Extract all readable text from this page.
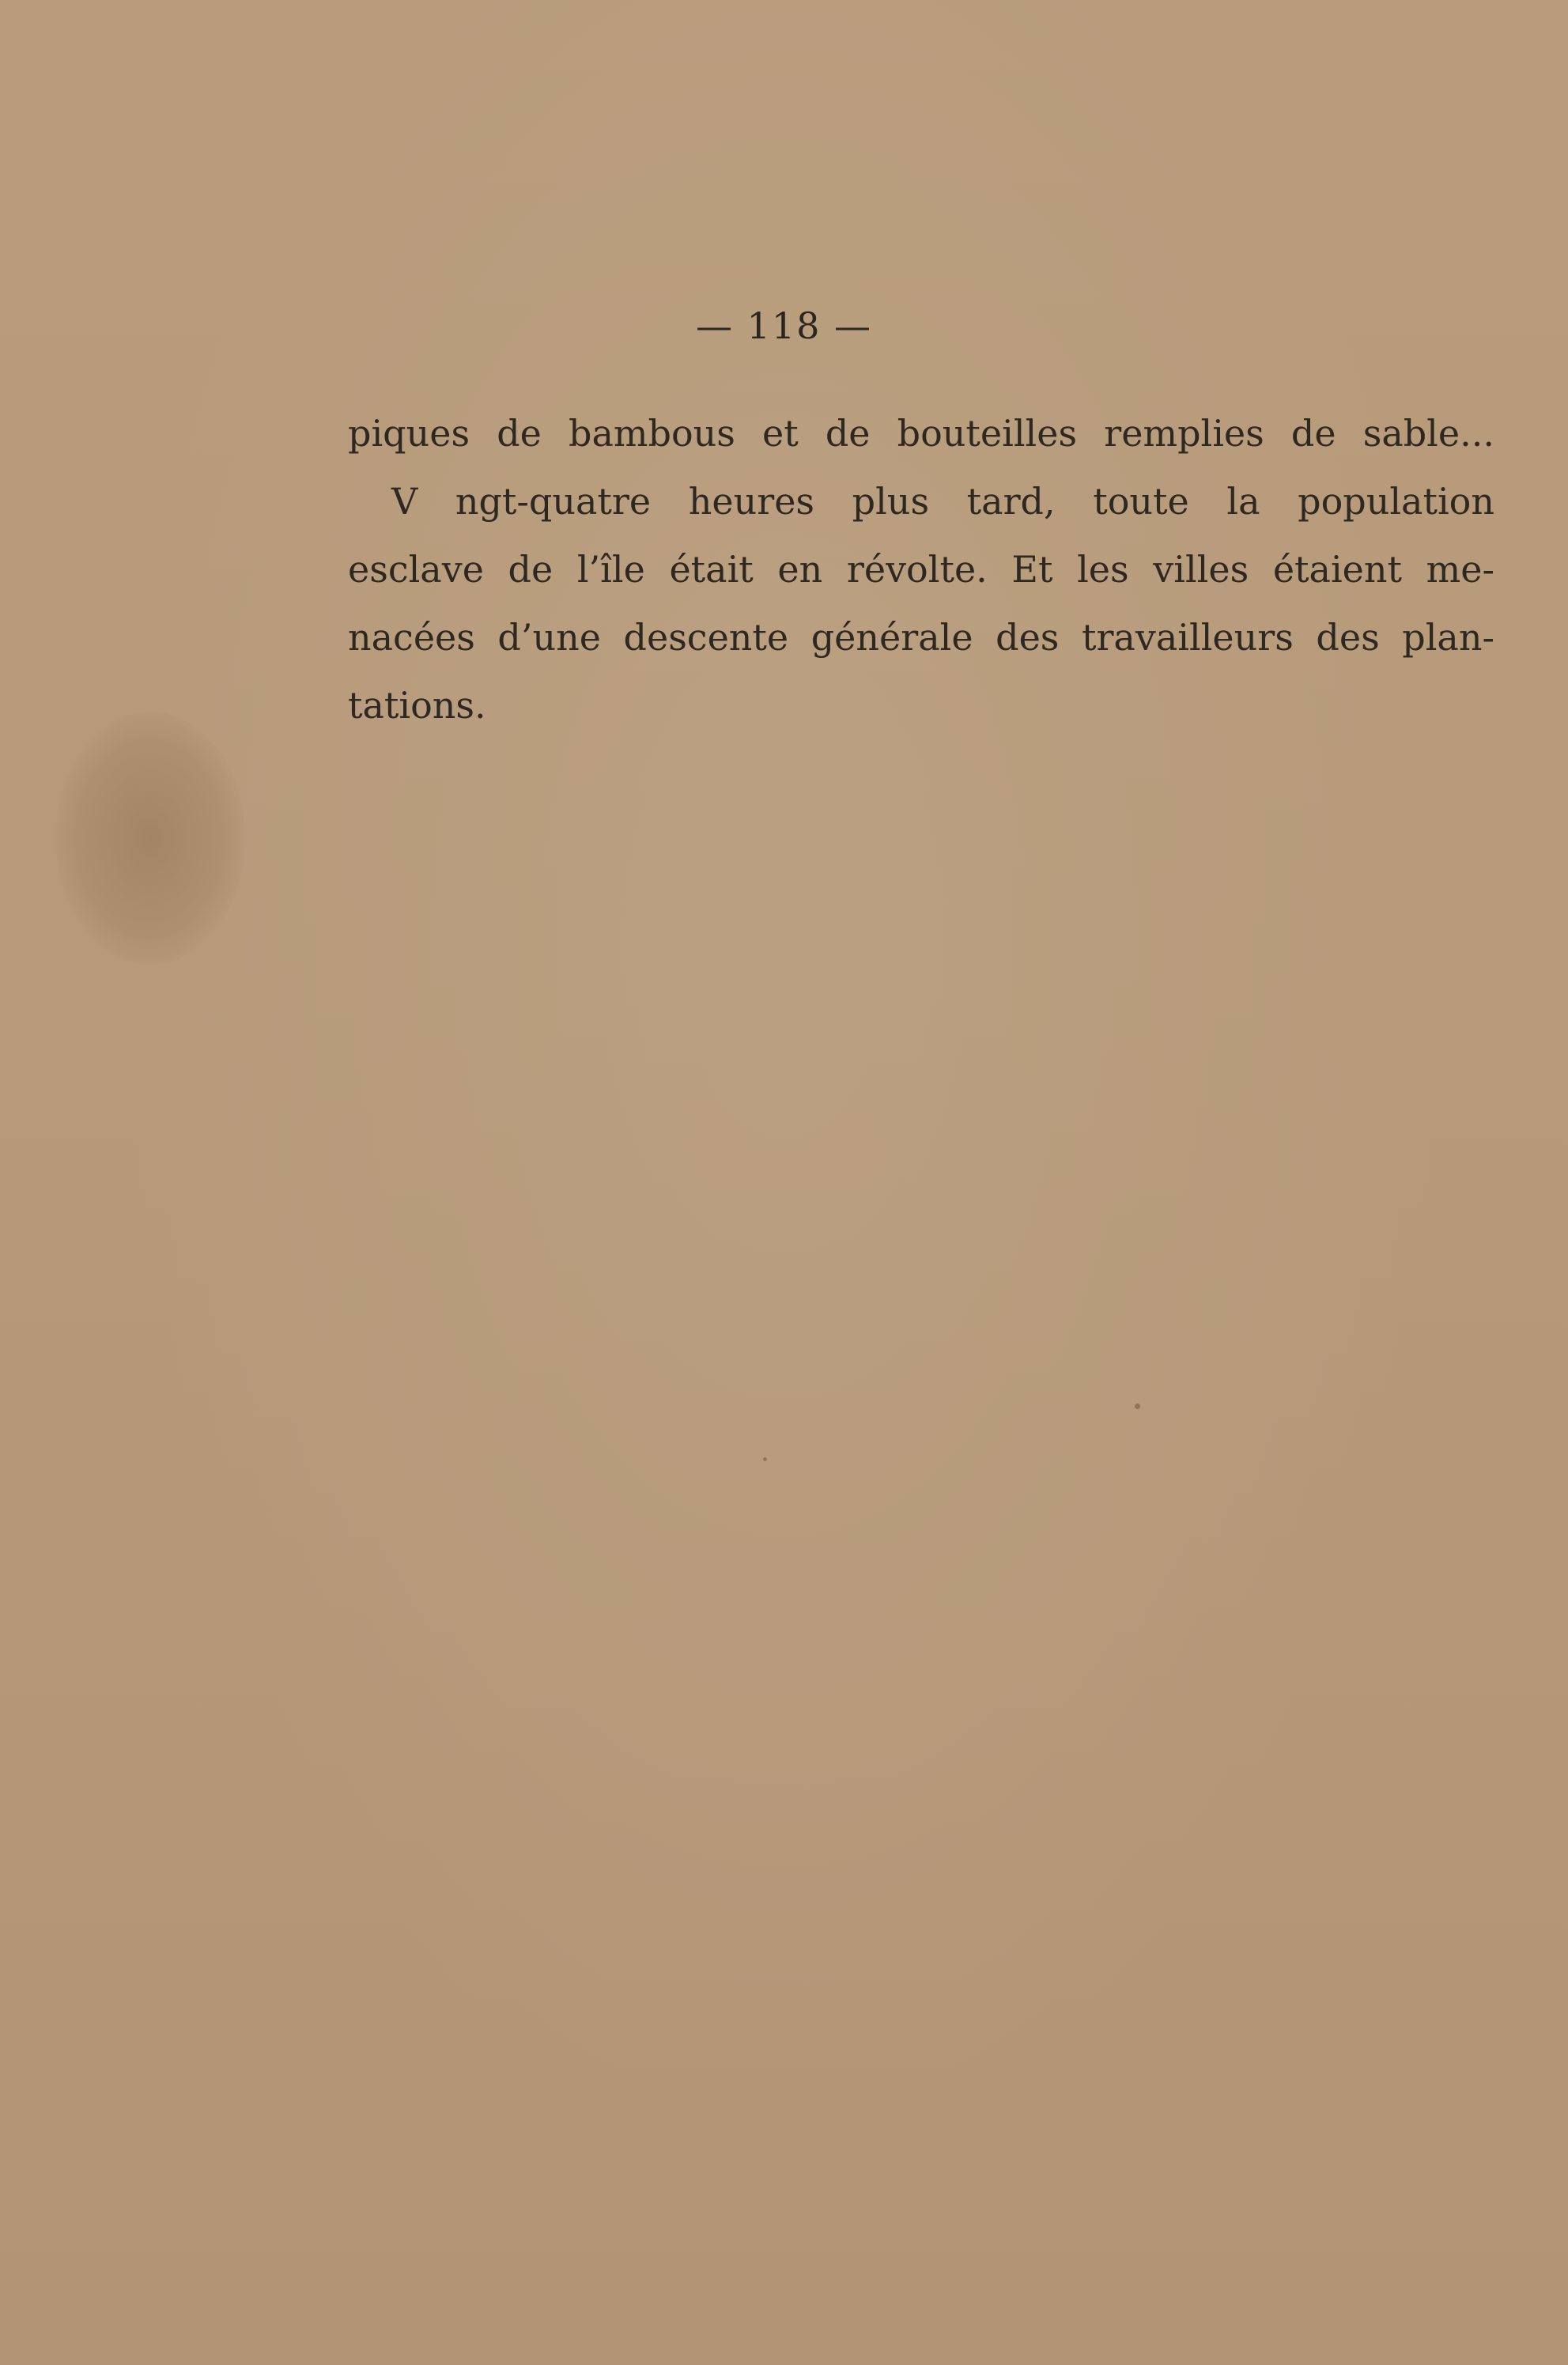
— 118 —
piques de bambous et de bouteilles remplies de sable...
V ngt-quatre heures plus tard, toute la population
esclave de l’île était en révolte. Et les villes étaient me-
nacées d’une descente générale des travailleurs des plan-
tations.
